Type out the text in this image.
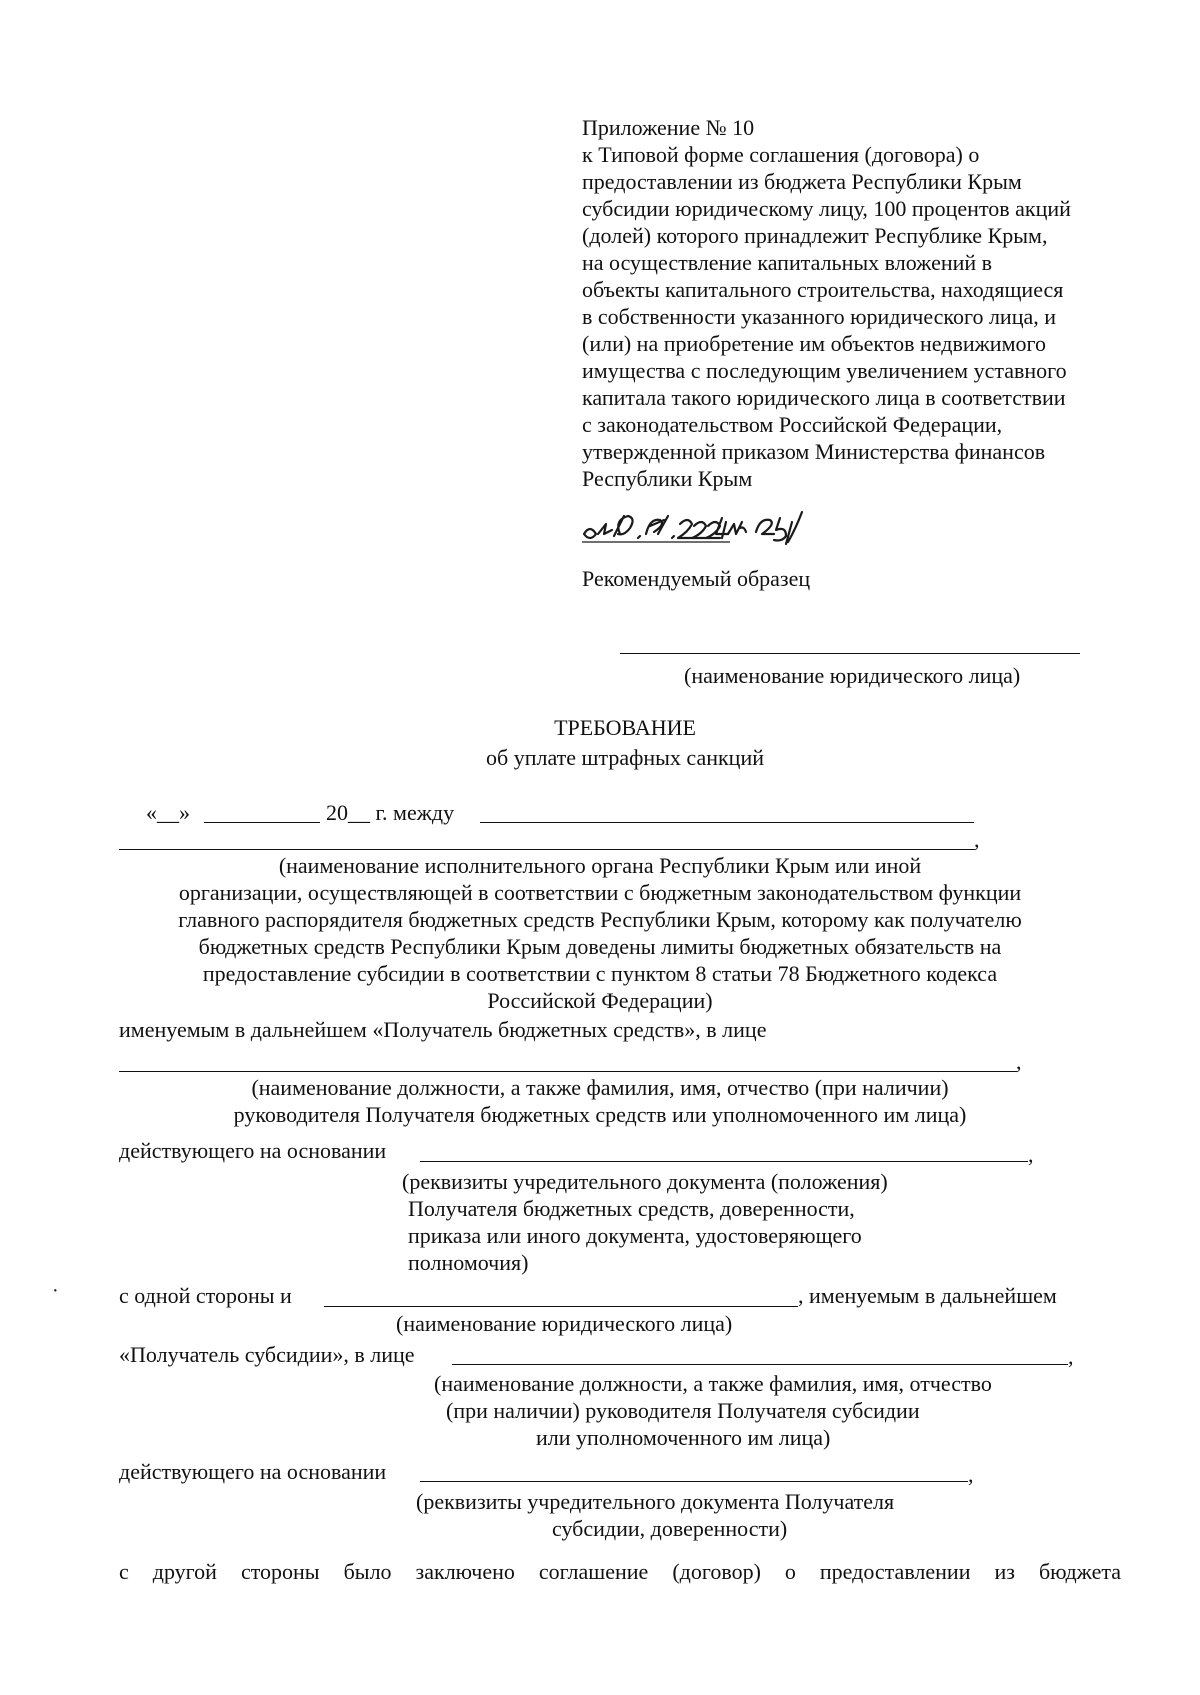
Приложение № 10
к Типовой форме соглашения (договора) о
предоставлении из бюджета Республики Крым
субсидии юридическому лицу, 100 процентов акций
(долей) которого принадлежит Республике Крым,
на осуществление капитальных вложений в
объекты капитального строительства, находящиеся
в собственности указанного юридического лица, и
(или) на приобретение им объектов недвижимого
имущества с последующим увеличением уставного
капитала такого юридического лица в соответствии
с законодательством Российской Федерации,
утвержденной приказом Министерства финансов
Республики Крым
Рекомендуемый образец
(наименование юридического лица)
ТРЕБОВАНИЕ
об уплате штрафных санкций
«__»	20__ г. между
,
(наименование исполнительного органа Республики Крым или иной
организации, осуществляющей в соответствии с бюджетным законодательством функции
главного распорядителя бюджетных средств Республики Крым, которому как получателю
бюджетных средств Республики Крым доведены лимиты бюджетных обязательств на
предоставление субсидии в соответствии с пунктом 8 статьи 78 Бюджетного кодекса
Российской Федерации)
именуемым в дальнейшем «Получатель бюджетных средств», в лице
,
(наименование должности, а также фамилия, имя, отчество (при наличии)
руководителя Получателя бюджетных средств или уполномоченного им лица)
действующего на основании	,
(реквизиты учредительного документа (положения)
Получателя бюджетных средств, доверенности,
приказа или иного документа, удостоверяющего
полномочия)
с одной стороны и	, именуемым в дальнейшем
(наименование юридического лица)
«Получатель субсидии», в лице	,
(наименование должности, а также фамилия, имя, отчество
(при наличии) руководителя Получателя субсидии
или уполномоченного им лица)
действующего на основании	,
(реквизиты учредительного документа Получателя
субсидии, доверенности)
с другой стороны было заключено соглашение (договор) о предоставлении из бюджета
·
